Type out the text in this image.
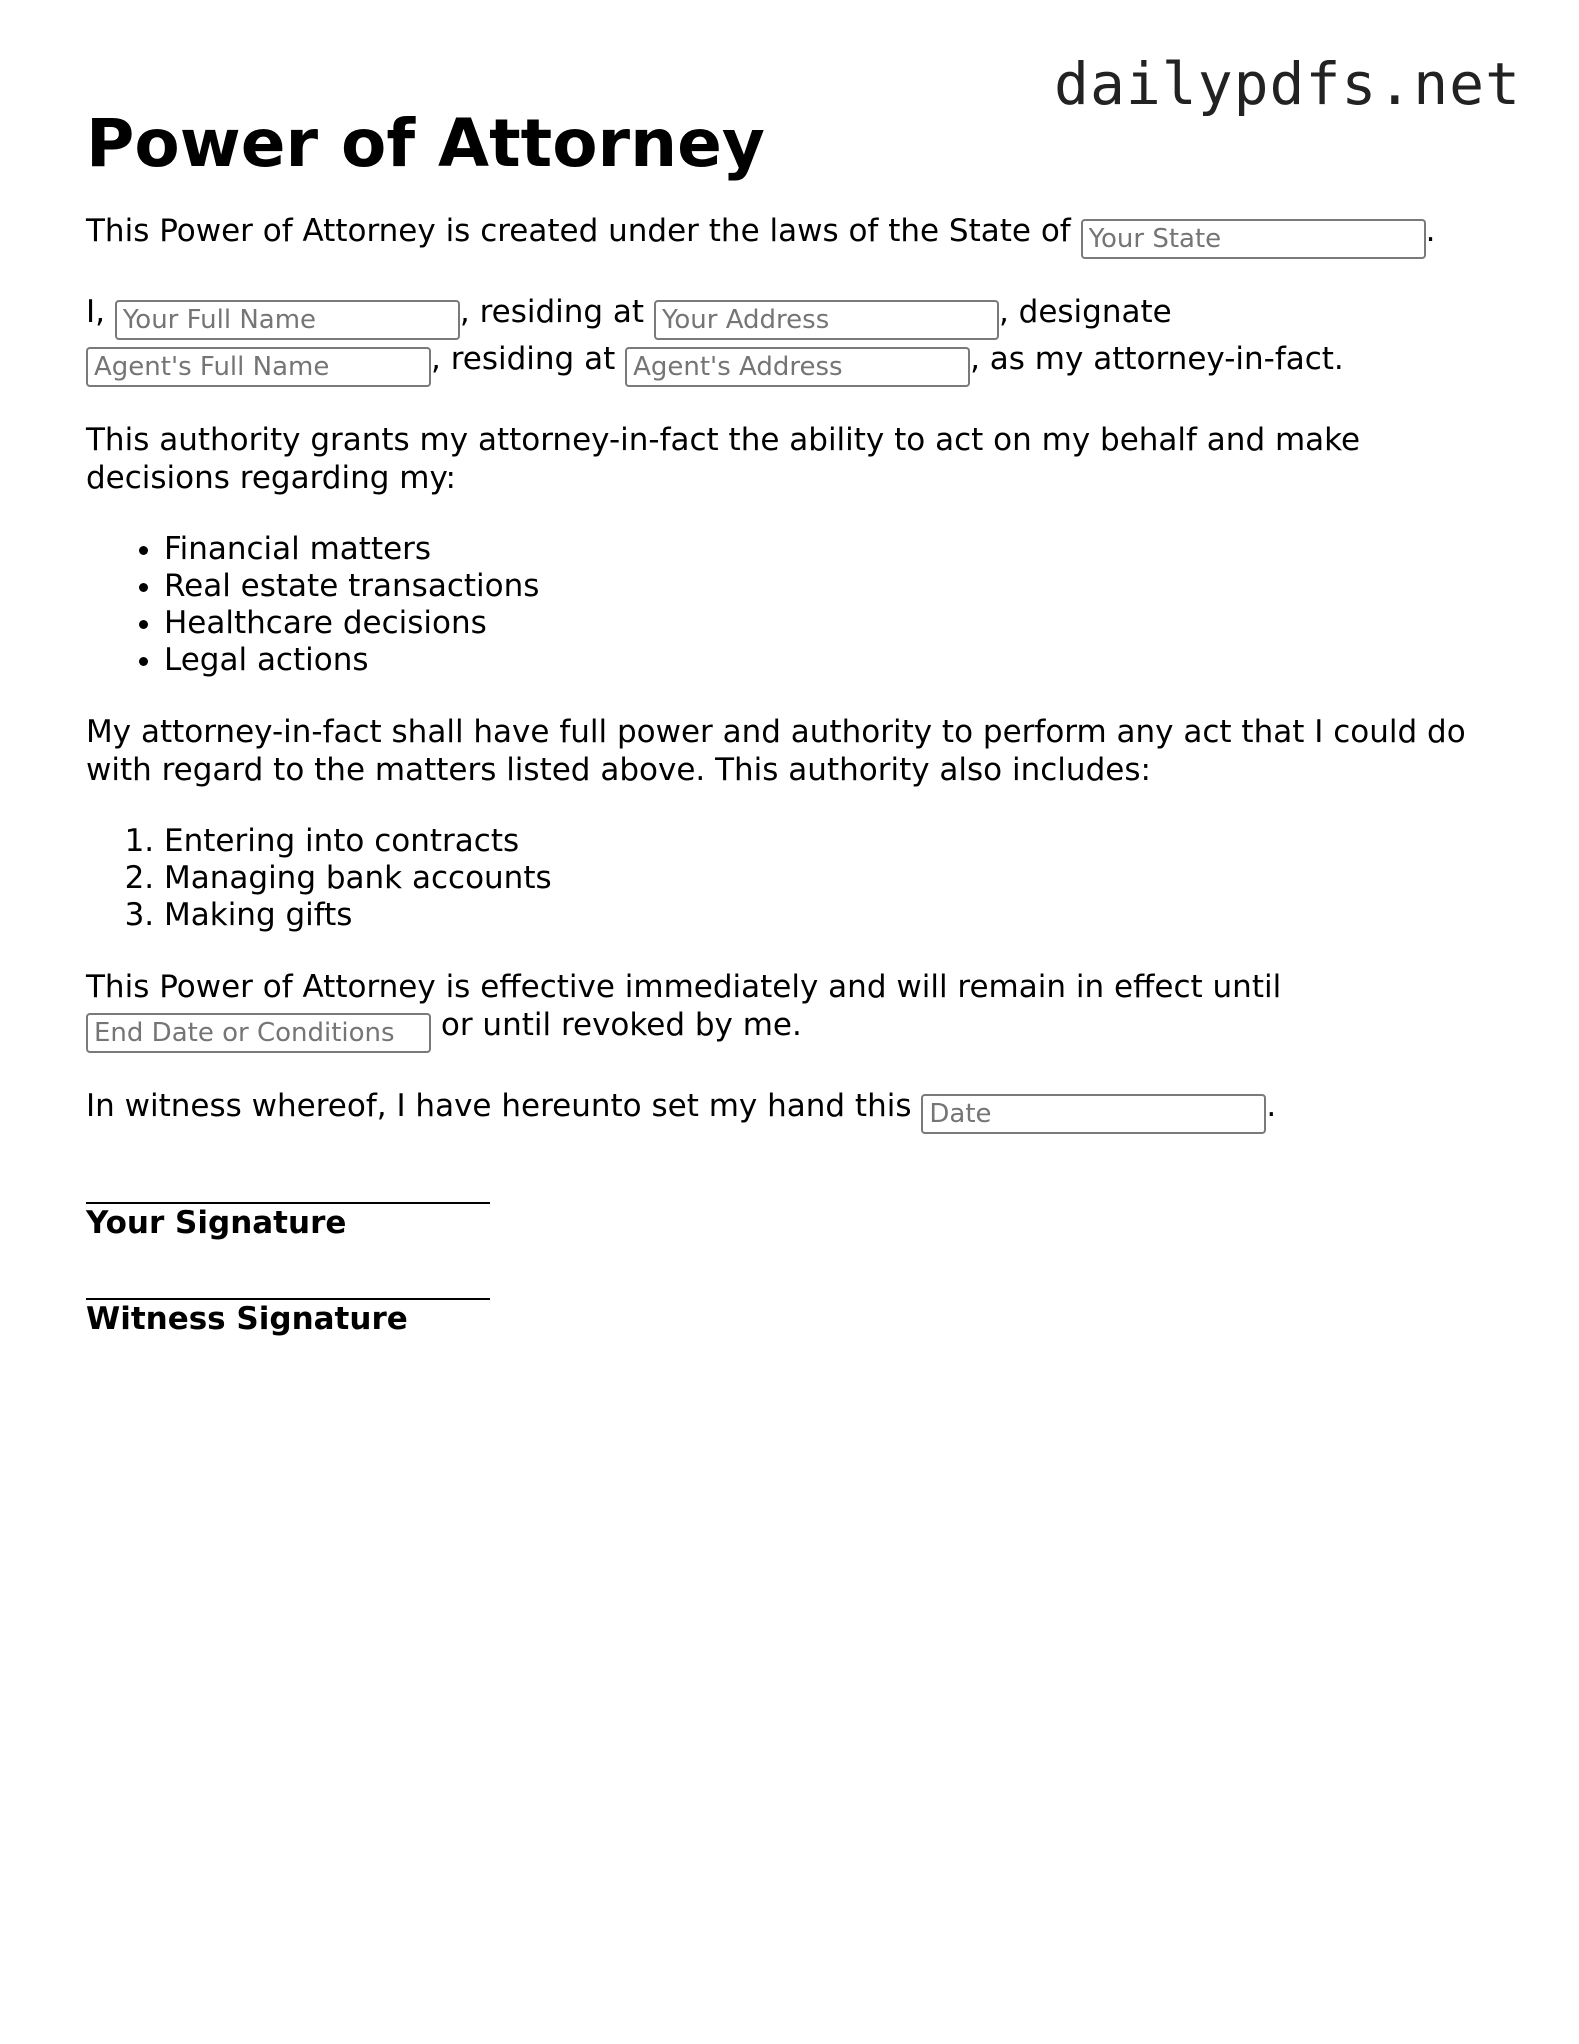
dailypdfs.net
Power of Attorney

This Power of Attorney is created under the laws of the State of Your State	.

I, Your Full Name	, residing at Your Address	, designate
Agent's Full Name, residing at Agent's Address	, as my attorney-in-fact.

This authority grants my attorney-in-fact the ability to act on my behalf and make decisions regarding my:

• Financial matters
• Real estate transactions
• Healthcare decisions
• Legal actions

My attorney-in-fact shall have full power and authority to perform any act that I could do with regard to the matters listed above. This authority also includes:

1. Entering into contracts
2. Managing bank accounts
3. Making gifts

This Power of Attorney is effective immediately and will remain in effect until
End Date or Conditions or until revoked by me.

In witness whereof, I have hereunto set my hand this Date	.

Your Signature
Witness Signature
